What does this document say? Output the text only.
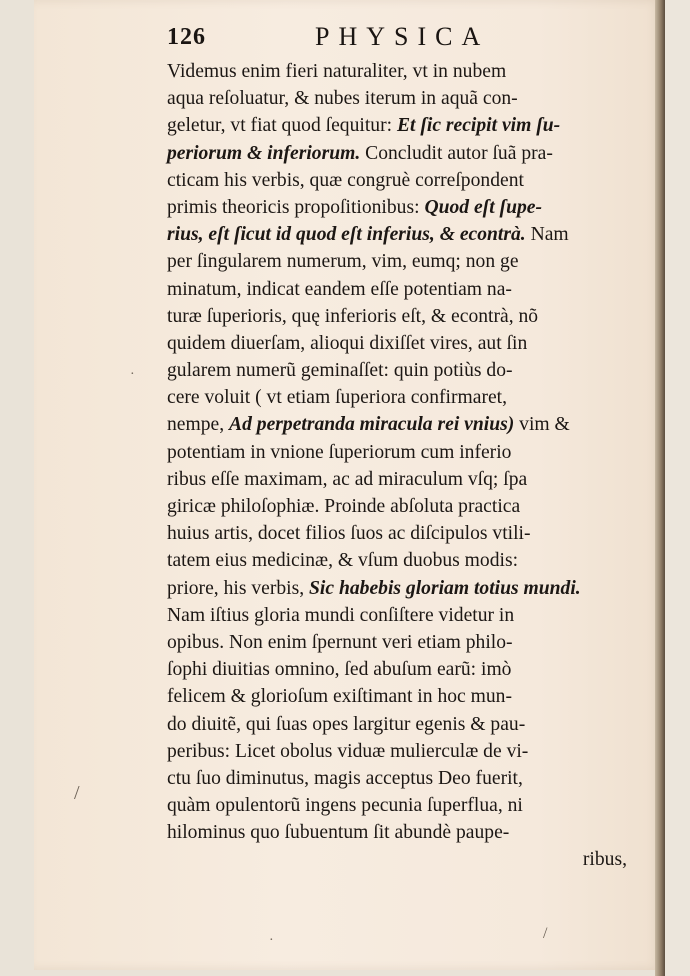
126	PHYSICA
Videmus enim fieri naturaliter, vt in nubem
aqua reſoluatur, & nubes iterum in aquã con-
geletur, vt fiat quod ſequitur: Et ſic recipit vim ſu-
periorum & inferiorum. Concludit autor ſuã pra-
cticam his verbis, quæ congruè correſpondent
primis theoricis propoſitionibus: Quod eſt ſupe-
rius, eſt ſicut id quod eſt inferius, & econtrà. Nam
per ſingularem numerum, vim, eumq; non ge
minatum, indicat eandem eſſe potentiam na-
turæ ſuperioris, quę inferioris eſt, & econtrà, nõ
quidem diuerſam, alioqui dixiſſet vires, aut ſin
gularem numerũ geminaſſet: quin potiùs do-
cere voluit ( vt etiam ſuperiora confirmaret,
nempe, Ad perpetranda miracula rei vnius) vim &
potentiam in vnione ſuperiorum cum inferio
ribus eſſe maximam, ac ad miraculum vſq; ſpa
giricæ philoſophiæ. Proinde abſoluta practica
huius artis, docet filios ſuos ac diſcipulos vtili-
tatem eius medicinæ, & vſum duobus modis:
priore, his verbis, Sic habebis gloriam totius mundi.
Nam iſtius gloria mundi conſiſtere videtur in
opibus. Non enim ſpernunt veri etiam philo-
ſophi diuitias omnino, ſed abuſum earũ: imò
felicem & glorioſum exiſtimant in hoc mun-
do diuitẽ, qui ſuas opes largitur egenis & pau-
peribus: Licet obolus viduæ mulierculæ de vi-
ctu ſuo diminutus, magis acceptus Deo fuerit,
quàm opulentorũ ingens pecunia ſuperflua, ni
hilominus quo ſubuentum ſit abundè paupe-
ribus,
·
/
·	/
